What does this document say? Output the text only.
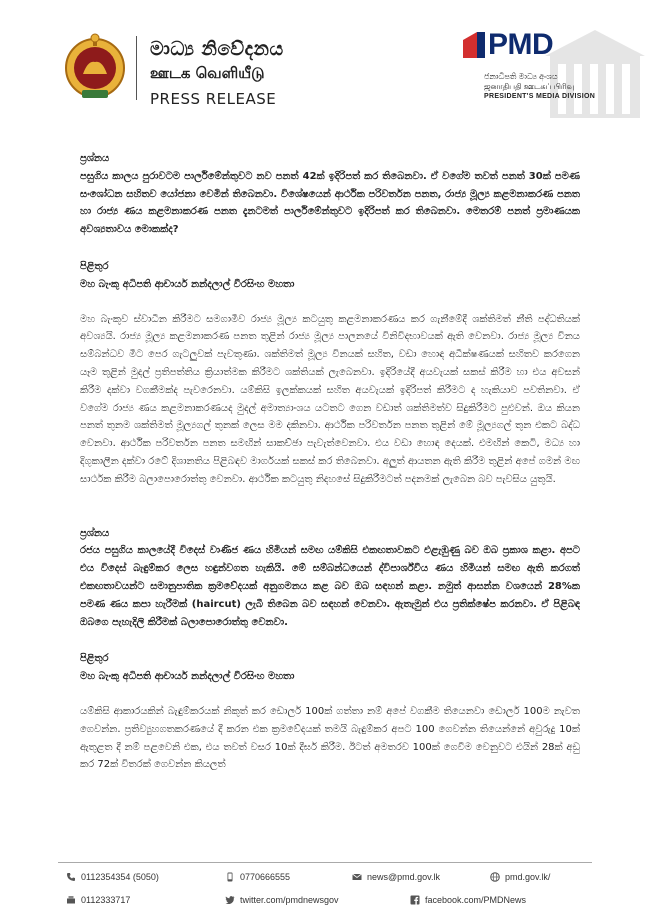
මාධ්‍ය නිවේදනය
ஊடக வெளியீடு
PRESS RELEASE
PMD
ජනාධිපති මාධ්‍ය අංශය
ஜனாதிபதி ஊடகப் பிரிவு
PRESIDENT'S MEDIA DIVISION

ප්‍රශ්නය

පසුගිය කාලය පුරාවටම පාර්ලිමේන්තුවට නව පනත් 42ක් ඉදිරිපත් කර තිබෙනවා. ඒ වගේම තවත් පනත් 30ක් පමණ සංශෝධන සහිතව යෝජනා වෙමින් තිබෙනවා. විශේෂයෙන් ආර්ථික පරිවර්තන පනත, රාජ්‍ය මූල්‍ය කළමනාකරණ පනත හා රාජ්‍ය ණය කළමනාකරණ පනත දැනටමත් පාර්ලිමේන්තුවට ඉදිරිපත් කර තිබෙනවා. මෙතරම් පනත් ප්‍රමාණයක අවශ්‍යතාවය මොකක්ද?

පිළිතුර

මහ බැංකු අධිපති ආචාර්ය නන්දලාල් වීරසිංහ මහතා

මහ බැංකුව ස්වාධීන කිරීමට සමගාමීව රාජ්‍ය මූල්‍ය කටයුතු කළමනාකරණය කර ගැනීමේදී ශක්තිමත් නීති පද්ධතියක් අවශ්‍යයි. රාජ්‍ය මූල්‍ය කළමනාකරණ පනත තුළින් රාජ්‍ය මූල්‍ය පාලනයේ විනිවිදභාවයක් ඇති වෙනවා. රාජ්‍ය මූල්‍ය විනය සම්බන්ධව මීට පෙර ගැටලුවක් පැවතුණා. ශක්තිමත් මූල්‍ය විනයක් සහිත, වඩා හොඳ අධීක්ෂණයක් සහිතව කරගෙන යෑම තුළින් මුදල් ප්‍රතිපත්තිය ක්‍රියාත්මක කිරීමට ශක්තියක් ලැබෙනවා. ඉදිරියේදී අයවැයක් සකස් කිරීම හා එය අවසන් කිරීම දක්වා වගකීමක්ද පැවරෙනවා. යම්කිසි ඉලක්කයක් සහිත අයවැයක් ඉදිරිපත් කිරීමට ද හැකියාව පවතිනවා. ඒ වගේම රාජ්‍ය ණය කළමනාකරණයද මුදල් අමාත්‍යාංශය යටතට ගෙන වඩාත් ශක්තිමත්ව සිදුකිරීමට පුළුවන්. ඔය කියන පනත් තුනම ශක්තිමත් මූල්‍යගල් තුනක් ලෙස මම දකිනවා. ආර්ථික පරිවර්තන පනත තුළින් මේ මූල්‍යගල් තුන එකට බද්ධ වෙනවා. ආර්ථික පරිවර්තන පනත සමඟින් සාකච්ඡා පැවැත්වෙනවා. එය වඩා හොඳ දෙයක්. එමඟින් කෙටි, මධ්‍ය හා දිගුකාලීන දක්වා රටේ දිශානතිය පිළිබඳව මාර්ගයක් සකස් කර තිබෙනවා. අලුත් ආයතන ඇති කිරීම තුළින් අපේ ගමන් මඟ සාර්ථක කිරීම බලාපොරොත්තු වෙනවා. ආර්ථික කටයුතු නිදහසේ සිදුකිරීමටත් පදනමක් ලැබෙන බව පැවසිය යුතුයි.

ප්‍රශ්නය

රජය පසුගිය කාලයේදී විදෙස් වාණිජ ණය හිමියන් සමඟ යම්කිසි එකඟතාවකට එළැඹුණු බව ඔබ ප්‍රකාශ කළා. අපට එය විදෙස් බැඳුම්කර ලෙස හඳුන්වගත හැකියි. මේ සම්බන්ධයෙන් ද්විපාර්ශ්වීය ණය හිමියන් සමඟ ඇති කරගත් එකඟතාවයන්ට සමානුපාතික ක්‍රමවේදයක් අනුගමනය කළ බව ඔබ සඳහන් කළා. නමුත් ආසන්න වශයෙන් 28%ක පමණ ණය කපා හැරීමක් (haircut) ලැබී තිබෙන බව සඳහන් වෙනවා. ඇතැමුන් එය ප්‍රතික්ෂේප කරනවා. ඒ පිළිබඳ ඔබගෙ පැහැදිලි කිරීමක් බලාපොරොත්තු වෙනවා.

පිළිතුර

මහ බැංකු අධිපති ආචාර්ය නන්දලාල් වීරසිංහ මහතා

යම්කිසි ආකාරයකින් බැඳුම්කරයක් නිකුත් කර ඩොලර් 100ක් ගත්තා නම් අපේ වගකීම තියෙනවා ඩොලර් 100ම නැවත ගෙවන්න. ප්‍රතිව්‍යුහගතකරණයේ දී කරන එක ක්‍රමවේදයක් තමයි බැඳුම්කර අපට 100 ගෙවන්න තියෙන්නේ අවුරුදු 10ක් ඇතුළත දී නම් පළවෙනි එක, එය තවත් වසර 10ක් දීර්ඝ කිරීම. ඊටත් අමතරව 100ක් ගෙවීම වෙනුවට එයින් 28ක් අඩු කර 72ක් විතරක් ගෙවන්න කියලත්

0112354354 (5050)	0770666555	news@pmd.gov.lk	pmd.gov.lk/
0112333717	twitter.com/pmdnewsgov	facebook.com/PMDNews
